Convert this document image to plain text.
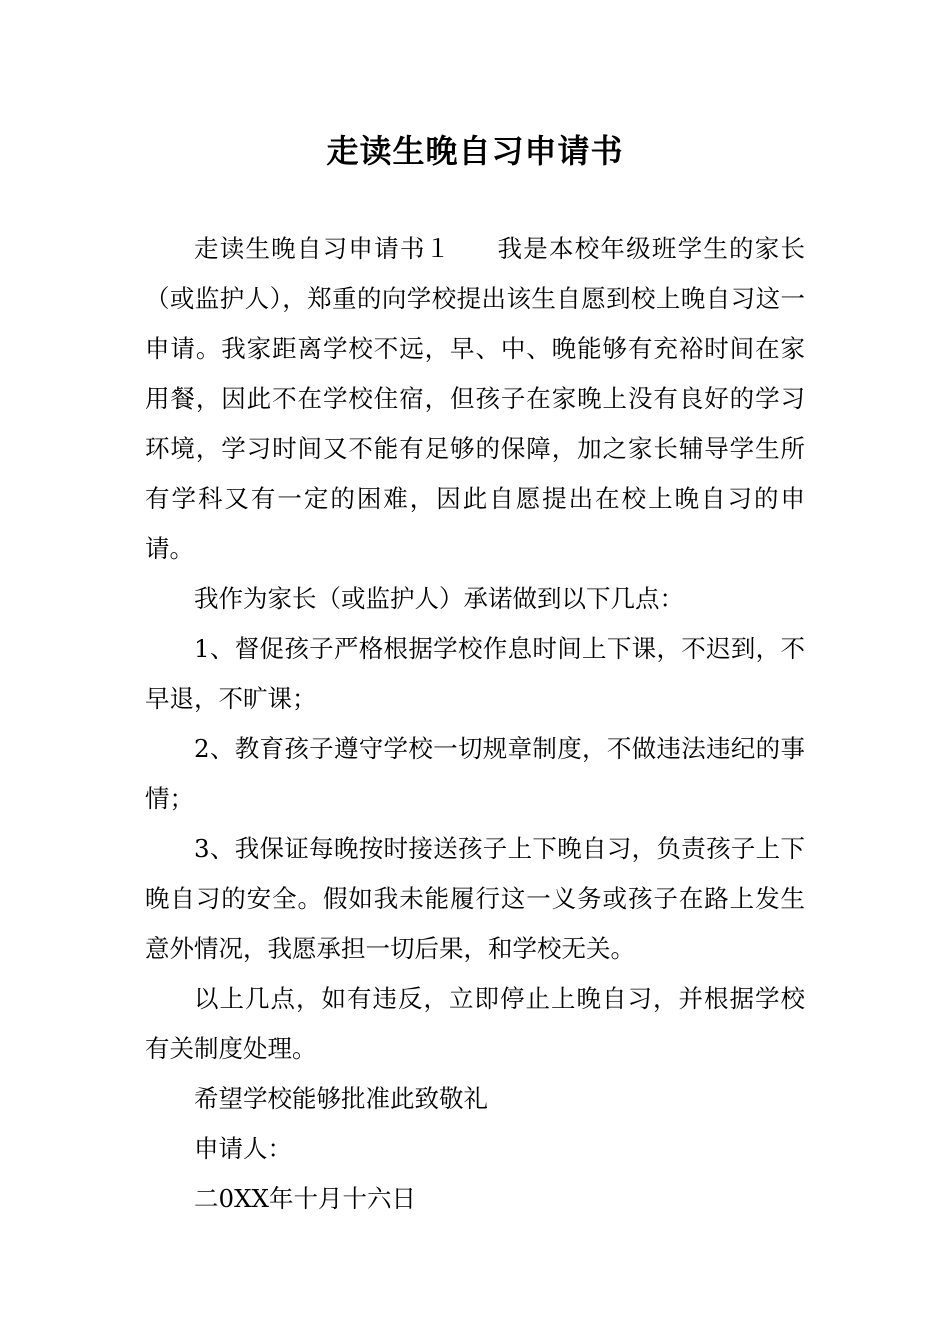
走读生晚自习申请书

走读生晚自习申请书１ 我是本校年级班学生的家长（或监护人），郑重的向学校提出该生自愿到校上晚自习这一申请。我家距离学校不远，早、中、晚能够有充裕时间在家用餐，因此不在学校住宿，但孩子在家晚上没有良好的学习环境，学习时间又不能有足够的保障，加之家长辅导学生所有学科又有一定的困难，因此自愿提出在校上晚自习的申请。

我作为家长（或监护人）承诺做到以下几点：

1、督促孩子严格根据学校作息时间上下课，不迟到，不早退，不旷课；

2、教育孩子遵守学校一切规章制度，不做违法违纪的事情；

3、我保证每晚按时接送孩子上下晚自习，负责孩子上下晚自习的安全。假如我未能履行这一义务或孩子在路上发生意外情况，我愿承担一切后果，和学校无关。

以上几点，如有违反，立即停止上晚自习，并根据学校有关制度处理。

希望学校能够批准此致敬礼

申请人：

二0XX年十月十六日
